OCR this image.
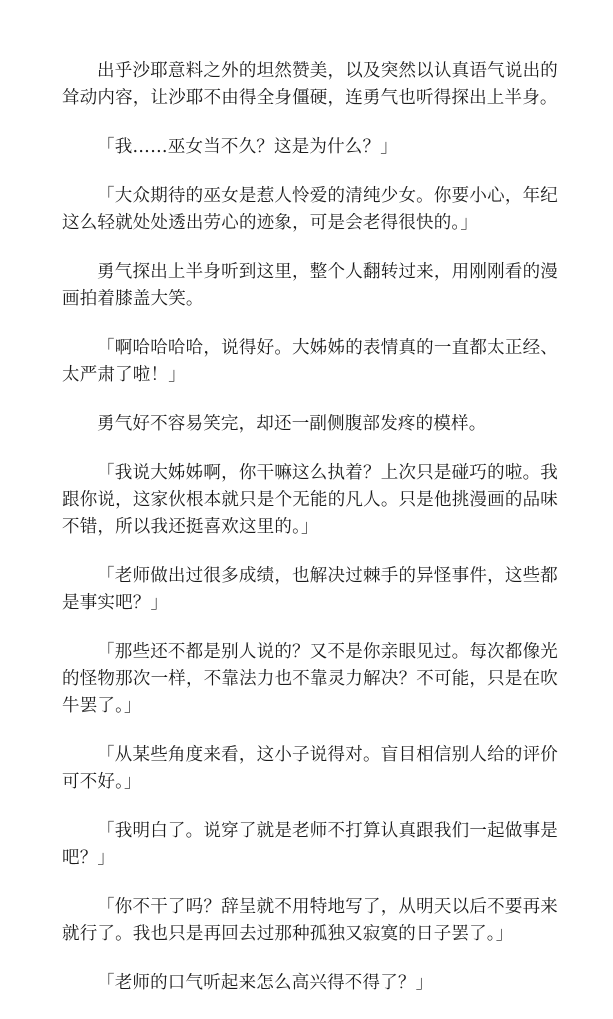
出乎沙耶意料之外的坦然赞美，以及突然以认真语气说出的耸动内容，让沙耶不由得全身僵硬，连勇气也听得探出上半身。

「我……巫女当不久？这是为什么？」

「大众期待的巫女是惹人怜爱的清纯少女。你要小心，年纪这么轻就处处透出劳心的迹象，可是会老得很快的。」

勇气探出上半身听到这里，整个人翻转过来，用刚刚看的漫画拍着膝盖大笑。

「啊哈哈哈哈，说得好。大姊姊的表情真的一直都太正经、太严肃了啦！」

勇气好不容易笑完，却还一副侧腹部发疼的模样。

「我说大姊姊啊，你干嘛这么执着？上次只是碰巧的啦。我跟你说，这家伙根本就只是个无能的凡人。只是他挑漫画的品味不错，所以我还挺喜欢这里的。」

「老师做出过很多成绩，也解决过棘手的异怪事件，这些都是事实吧？」

「那些还不都是别人说的？又不是你亲眼见过。每次都像光的怪物那次一样，不靠法力也不靠灵力解决？不可能，只是在吹牛罢了。」

「从某些角度来看，这小子说得对。盲目相信别人给的评价可不好。」

「我明白了。说穿了就是老师不打算认真跟我们一起做事是吧？」

「你不干了吗？辞呈就不用特地写了，从明天以后不要再来就行了。我也只是再回去过那种孤独又寂寞的日子罢了。」

「老师的口气听起来怎么高兴得不得了？」
